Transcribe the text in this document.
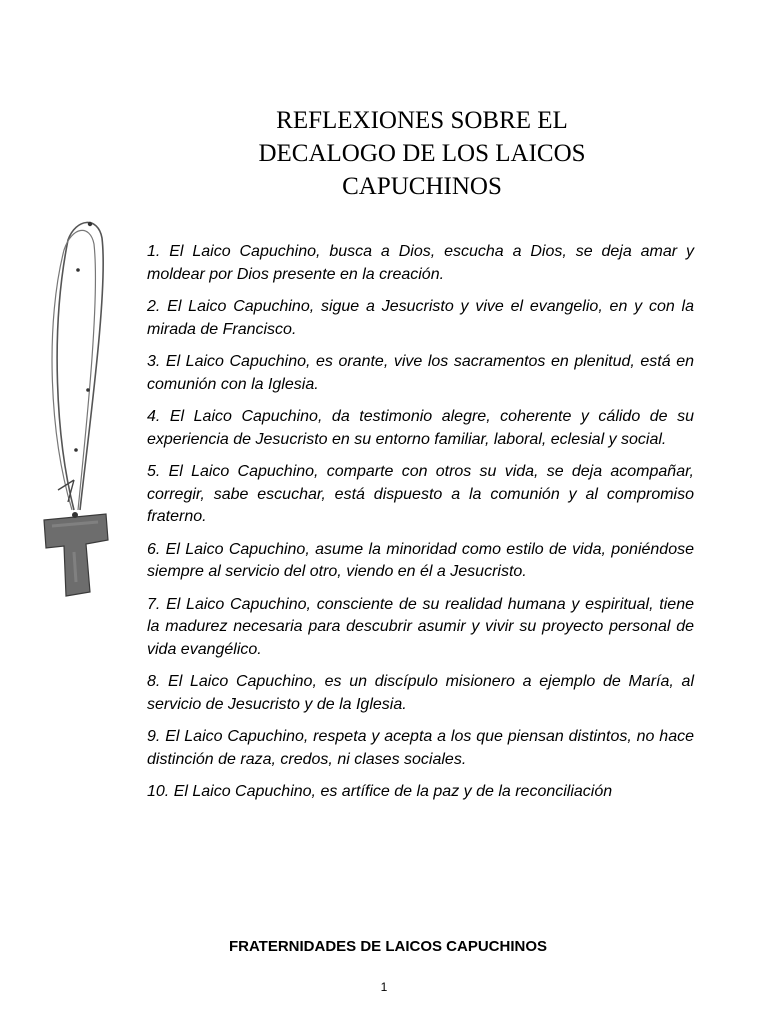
REFLEXIONES SOBRE EL
DECALOGO DE LOS LAICOS
CAPUCHINOS
1. El Laico Capuchino, busca a Dios, escucha a Dios, se deja amar y moldear por Dios presente en la creación.
2. El Laico Capuchino, sigue a Jesucristo y vive el evangelio, en y con la mirada de Francisco.
3. El Laico Capuchino, es orante, vive los sacramentos en plenitud, está en comunión con la Iglesia.
4. El Laico Capuchino, da testimonio alegre, coherente y cálido de su experiencia de Jesucristo en su entorno familiar, laboral, eclesial y social.
5. El Laico Capuchino, comparte con otros su vida, se deja acompañar, corregir, sabe escuchar, está dispuesto a la comunión y al compromiso fraterno.
6. El Laico Capuchino, asume la minoridad como estilo de vida, poniéndose siempre al servicio del otro, viendo en él a Jesucristo.
7. El Laico Capuchino, consciente de su realidad humana y espiritual, tiene la madurez necesaria para descubrir asumir y vivir su proyecto personal de vida evangélico.
8. El Laico Capuchino, es un discípulo misionero a ejemplo de María, al servicio de Jesucristo y de la Iglesia.
9. El Laico Capuchino, respeta y acepta a los que piensan distintos, no hace distinción de raza, credos, ni clases sociales.
10. El Laico Capuchino, es artífice de la paz y de la reconciliación
FRATERNIDADES DE LAICOS CAPUCHINOS
1
